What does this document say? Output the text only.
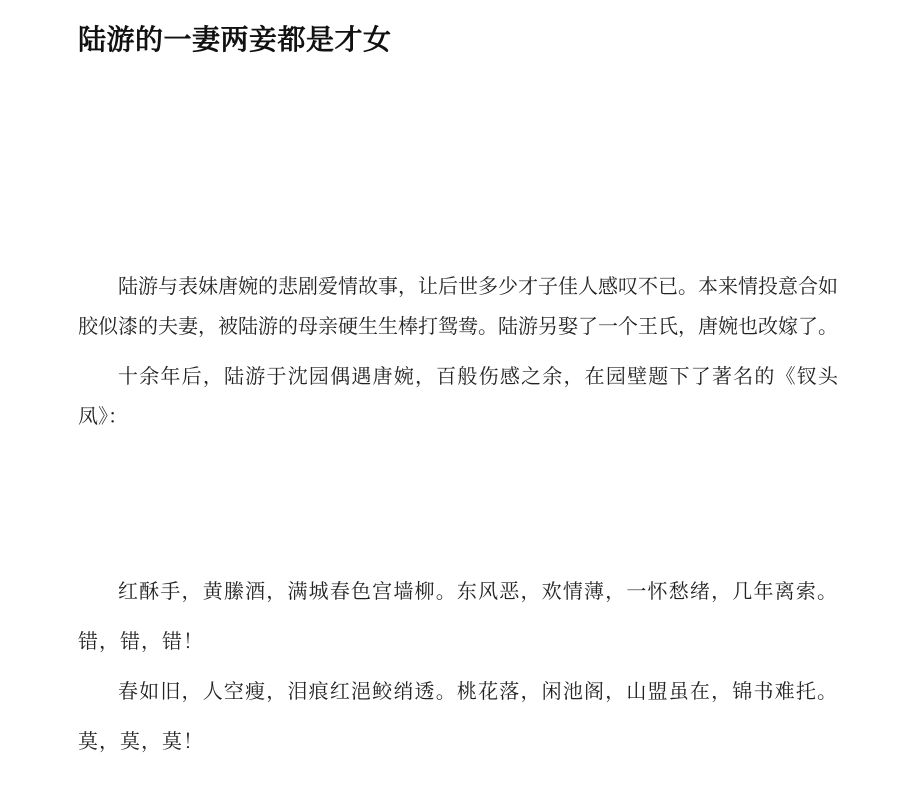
陆游的一妻两妾都是才女

陆游与表妹唐婉的悲剧爱情故事，让后世多少才子佳人感叹不已。本来情投意合如胶似漆的夫妻，被陆游的母亲硬生生棒打鸳鸯。陆游另娶了一个王氏，唐婉也改嫁了。

十余年后，陆游于沈园偶遇唐婉，百般伤感之余，在园壁题下了著名的《钗头凤》：

红酥手，黄縢酒，满城春色宫墙柳。东风恶，欢情薄，一怀愁绪，几年离索。错，错，错！

春如旧，人空瘦，泪痕红浥鲛绡透。桃花落，闲池阁，山盟虽在，锦书难托。莫，莫，莫！
